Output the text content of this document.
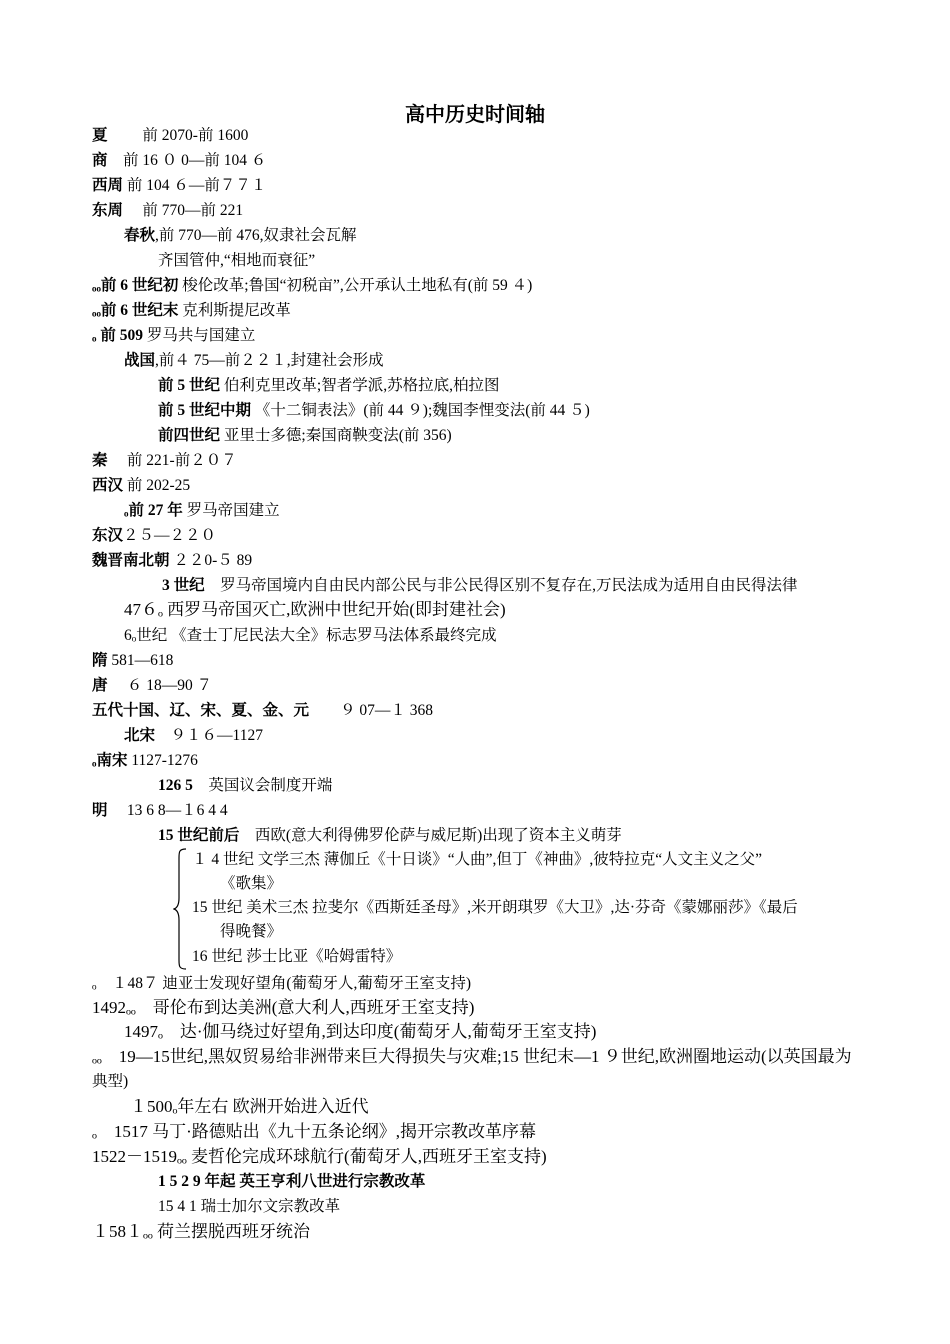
高中历史时间轴
夏　　 前 2070-前 1600
商　 前 16 ０ 0—前 104 ６
西周 前 104 ６—前７７１
东周　 前 770—前 221
春秋,前 770—前 476,奴隶社会瓦解
齐国管仲,“相地而衰征”
ₒₒ前 6 世纪初 梭伦改革;鲁国“初税亩”,公开承认土地私有(前 59 ４)
ₒₒ前 6 世纪末 克利斯提尼改革
ₒ 前 509 罗马共与国建立
战国,前４ 75—前２２１,封建社会形成
前 5 世纪 伯利克里改革;智者学派,苏格拉底,柏拉图
前 5 世纪中期 《十二铜表法》(前 44 ９);魏国李悝变法(前 44 ５)
前四世纪 亚里士多德;秦国商鞅变法(前 356)
秦　 前 221-前２０７
西汉 前 202-25
ₒ前 27 年 罗马帝国建立
东汉２５—２２０
魏晋南北朝 ２２0-５ 89
3 世纪　 罗马帝国境内自由民内部公民与非公民得区别不复存在,万民法成为适用自由民得法律
47６ₒ 西罗马帝国灭亡,欧洲中世纪开始(即封建社会)
6ₒ世纪 《查士丁尼民法大全》标志罗马法体系最终完成
隋 581—618
唐　 ６ 18—90 ７
五代十国、辽、宋、夏、金、元　　 ９ 07—１ 368
北宋　 ９１６—1127
ₒ南宋 1127-1276
126 5　 英国议会制度开端
明　 13 6 8—１6 4 4
15 世纪前后　 西欧(意大利得佛罗伦萨与威尼斯)出现了资本主义萌芽
１ 4 世纪 文学三杰 薄伽丘《十日谈》“人曲”,但丁《神曲》,彼特拉克“人文主义之父”
《歌集》
15 世纪 美术三杰 拉斐尔《西斯廷圣母》,米开朗琪罗《大卫》,达·芬奇《蒙娜丽莎》《最后
得晚餐》
16 世纪 莎士比亚《哈姆雷特》
ₒ　１48７ 迪亚士发现好望角(葡萄牙人,葡萄牙王室支持)
1492ₒₒ　哥伦布到达美洲(意大利人,西班牙王室支持)
1497ₒ　达·伽马绕过好望角,到达印度(葡萄牙人,葡萄牙王室支持)
ₒₒ　19—15世纪,黑奴贸易给非洲带来巨大得损失与灾难;15 世纪末—1 ９世纪,欧洲圈地运动(以英国最为
典型)
１500ₒ年左右 欧洲开始进入近代
ₒ　1517 马丁·路德贴出《九十五条论纲》,揭开宗教改革序幕
1522－1519ₒₒ 麦哲伦完成环球航行(葡萄牙人,西班牙王室支持)
1 5 2 9 年起 英王亨利八世进行宗教改革
15 4 1 瑞士加尔文宗教改革
１58１ₒₒ 荷兰摆脱西班牙统治
